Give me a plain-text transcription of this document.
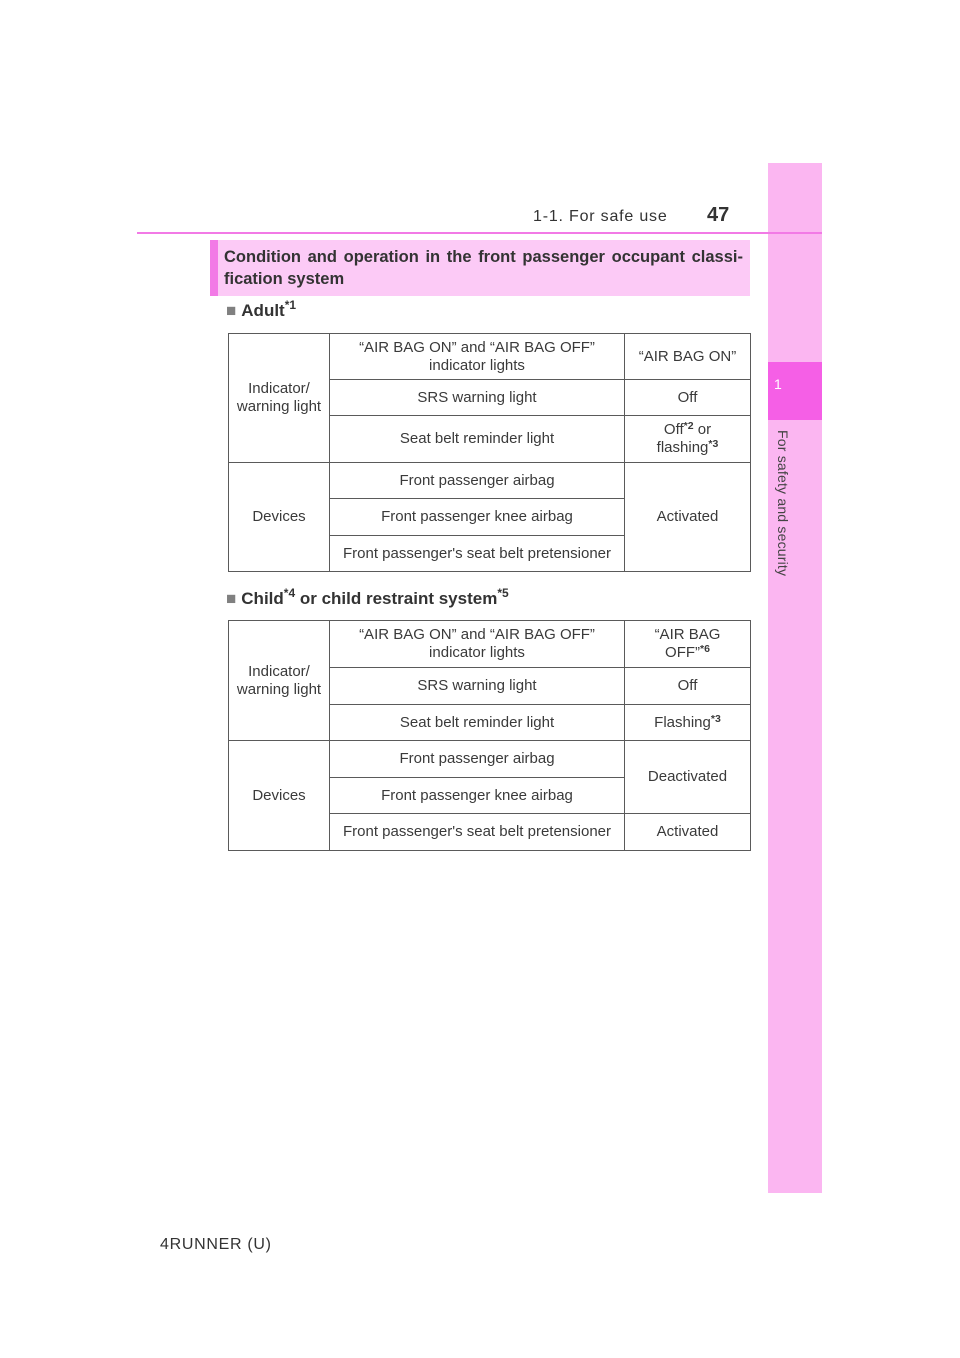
1
For safety and security
1-1. For safe use 47
Condition and operation in the front passenger occupant classi-
fication system
■ Adult$^{*1}$
Indicator/ warning light	“AIR BAG ON” and “AIR BAG OFF” indicator lights	“AIR BAG ON”
	SRS warning light	Off
	Seat belt reminder light	Off$^{*2}$ or
flashing$^{*3}$
Devices	Front passenger airbag	Activated
	Front passenger knee airbag	
	Front passenger's seat belt pretensioner	
■ Child$^{*4}$ or child restraint system$^{*5}$
Indicator/ warning light	“AIR BAG ON” and “AIR BAG OFF” indicator lights	“AIR BAG OFF”$^{*6}$
	SRS warning light	Off
	Seat belt reminder light	Flashing$^{*3}$
Devices	Front passenger airbag	Deactivated
	Front passenger knee airbag	
	Front passenger's seat belt pretensioner	Activated
4RUNNER (U)
